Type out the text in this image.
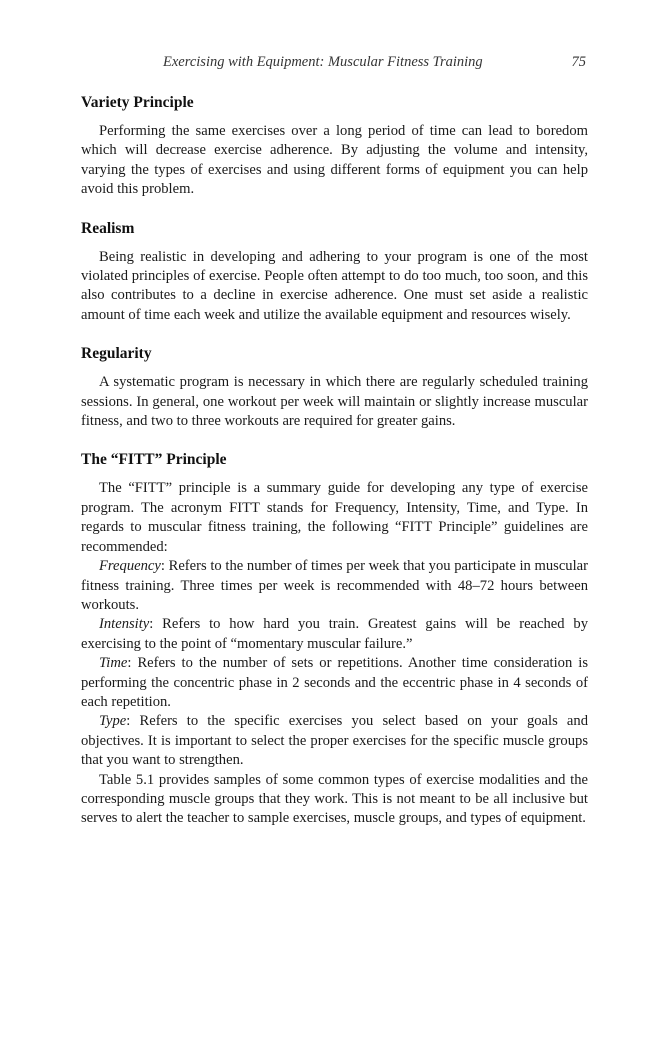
Exercising with Equipment: Muscular Fitness Training	75
Variety Principle

Performing the same exercises over a long period of time can lead to boredom which will decrease exercise adherence. By adjusting the volume and intensity, varying the types of exercises and using different forms of equipment you can help avoid this problem.

Realism

Being realistic in developing and adhering to your program is one of the most violated principles of exercise. People often attempt to do too much, too soon, and this also contributes to a decline in exercise adherence. One must set aside a realistic amount of time each week and utilize the available equipment and resources wisely.

Regularity

A systematic program is necessary in which there are regularly scheduled training sessions. In general, one workout per week will maintain or slightly increase muscular fitness, and two to three workouts are required for greater gains.

The “FITT” Principle

The “FITT” principle is a summary guide for developing any type of exercise program. The acronym FITT stands for Frequency, Intensity, Time, and Type. In regards to muscular fitness training, the following “FITT Principle” guidelines are recommended:

Frequency: Refers to the number of times per week that you participate in muscular fitness training. Three times per week is recommended with 48–72 hours between workouts.

Intensity: Refers to how hard you train. Greatest gains will be reached by exercising to the point of “momentary muscular failure.”

Time: Refers to the number of sets or repetitions. Another time consideration is performing the concentric phase in 2 seconds and the eccentric phase in 4 seconds of each repetition.

Type: Refers to the specific exercises you select based on your goals and objectives. It is important to select the proper exercises for the specific muscle groups that you want to strengthen.

Table 5.1 provides samples of some common types of exercise modalities and the corresponding muscle groups that they work. This is not meant to be all inclusive but serves to alert the teacher to sample exercises, muscle groups, and types of equipment.
